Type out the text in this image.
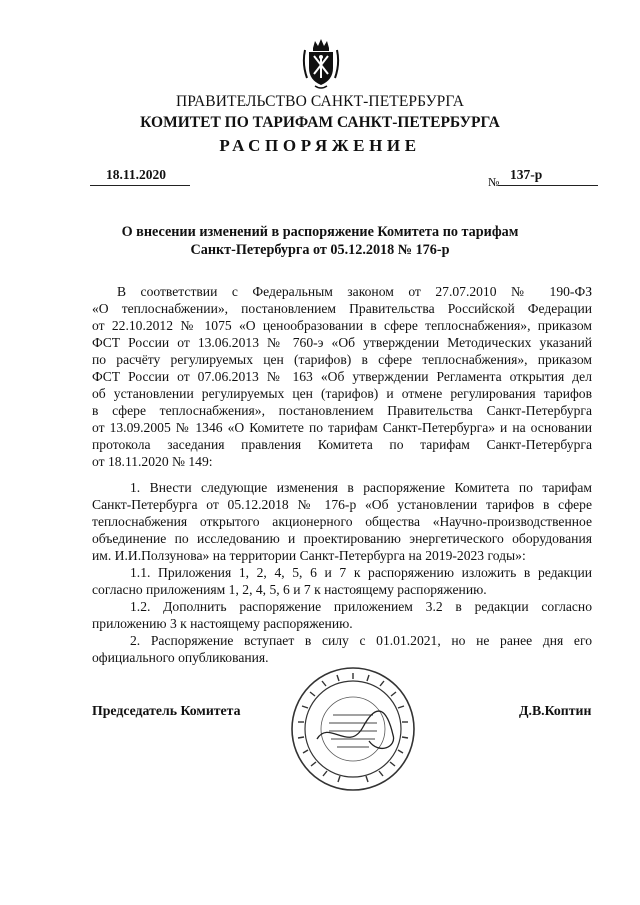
ПРАВИТЕЛЬСТВО САНКТ-ПЕТЕРБУРГА
КОМИТЕТ ПО ТАРИФАМ САНКТ-ПЕТЕРБУРГА
РАСПОРЯЖЕНИЕ
18.11.2020	№ 137-р
О внесении изменений в распоряжение Комитета по тарифам
Санкт-Петербурга от 05.12.2018 № 176-р
В соответствии с Федеральным законом от 27.07.2010 № 190-ФЗ
«О теплоснабжении», постановлением Правительства Российской Федерации
от 22.10.2012 № 1075 «О ценообразовании в сфере теплоснабжения», приказом
ФСТ России от 13.06.2013 № 760-э «Об утверждении Методических указаний
по расчёту регулируемых цен (тарифов) в сфере теплоснабжения», приказом
ФСТ России от 07.06.2013 № 163 «Об утверждении Регламента открытия дел
об установлении регулируемых цен (тарифов) и отмене регулирования тарифов
в сфере теплоснабжения», постановлением Правительства Санкт-Петербурга
от 13.09.2005 № 1346 «О Комитете по тарифам Санкт-Петербурга» и на основании
протокола заседания правления Комитета по тарифам Санкт-Петербурга
от 18.11.2020 № 149:
1. Внести следующие изменения в распоряжение Комитета по тарифам
Санкт-Петербурга от 05.12.2018 № 176-р «Об установлении тарифов в сфере
теплоснабжения открытого акционерного общества «Научно-производственное
объединение по исследованию и проектированию энергетического оборудования
им. И.И.Ползунова» на территории Санкт-Петербурга на 2019-2023 годы»:
1.1. Приложения 1, 2, 4, 5, 6 и 7 к распоряжению изложить в редакции
согласно приложениям 1, 2, 4, 5, 6 и 7 к настоящему распоряжению.
1.2. Дополнить распоряжение приложением 3.2 в редакции согласно
приложению 3 к настоящему распоряжению.
2. Распоряжение вступает в силу с 01.01.2021, но не ранее дня его
официального опубликования.
Председатель Комитета	Д.В.Коптин
